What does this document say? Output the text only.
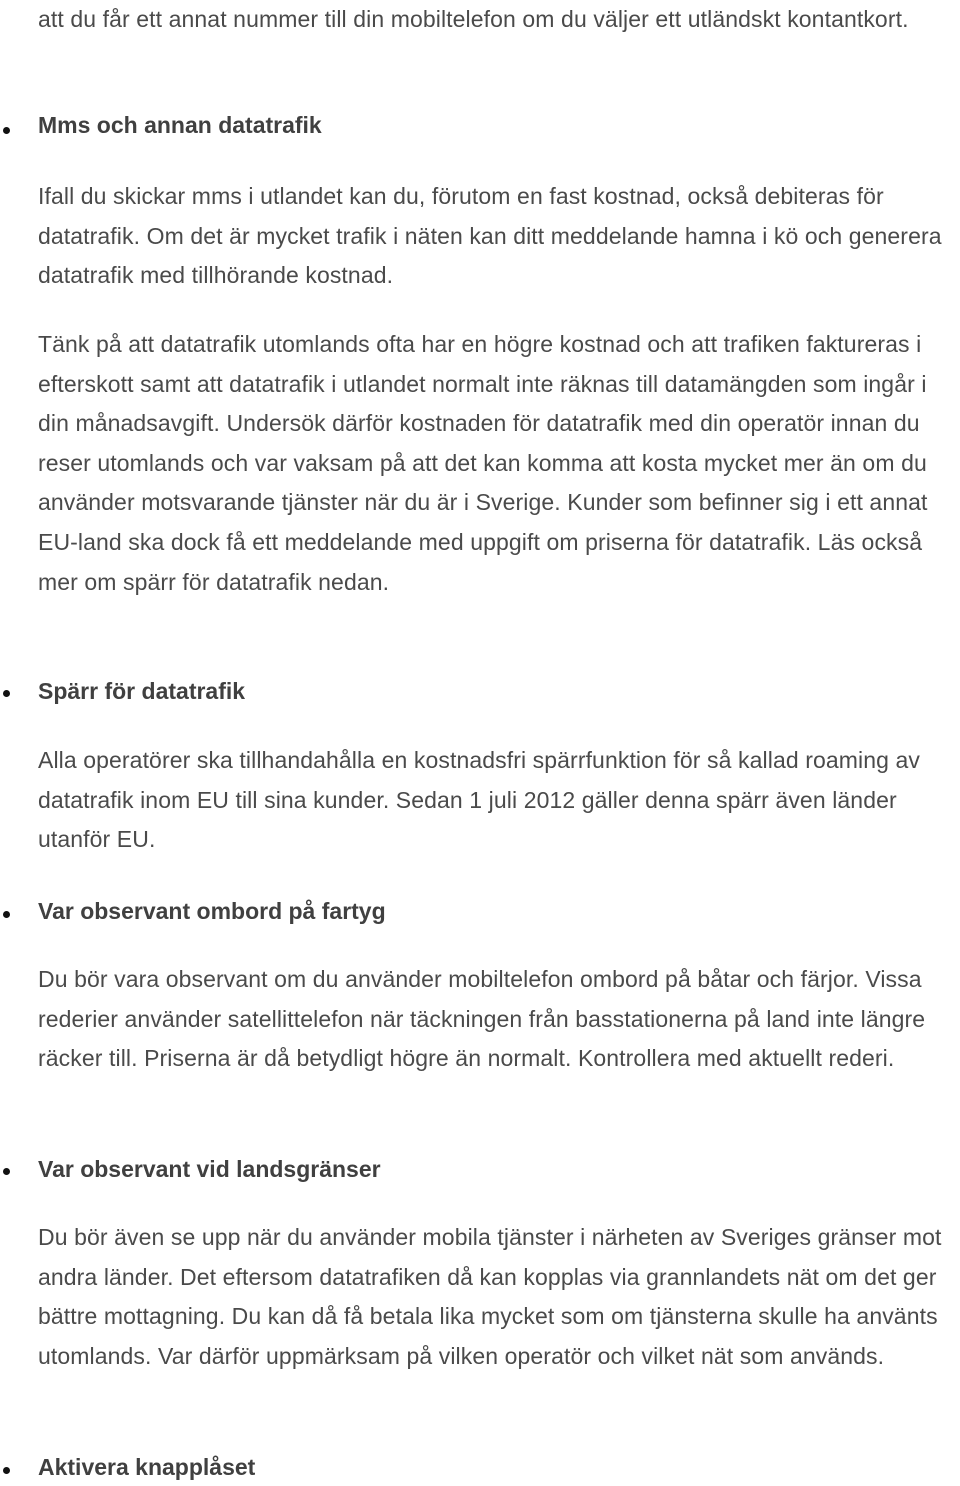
att du får ett annat nummer till din mobiltelefon om du väljer ett utländskt kontantkort.

Mms och annan datatrafik

Ifall du skickar mms i utlandet kan du, förutom en fast kostnad, också debiteras för datatrafik. Om det är mycket trafik i näten kan ditt meddelande hamna i kö och generera datatrafik med tillhörande kostnad.

Tänk på att datatrafik utomlands ofta har en högre kostnad och att trafiken faktureras i efterskott samt att datatrafik i utlandet normalt inte räknas till datamängden som ingår i din månadsavgift. Undersök därför kostnaden för datatrafik med din operatör innan du reser utomlands och var vaksam på att det kan komma att kosta mycket mer än om du använder motsvarande tjänster när du är i Sverige. Kunder som befinner sig i ett annat EU-land ska dock få ett meddelande med uppgift om priserna för datatrafik. Läs också mer om spärr för datatrafik nedan.

Spärr för datatrafik

Alla operatörer ska tillhandahålla en kostnadsfri spärrfunktion för så kallad roaming av datatrafik inom EU till sina kunder. Sedan 1 juli 2012 gäller denna spärr även länder utanför EU.

Var observant ombord på fartyg

Du bör vara observant om du använder mobiltelefon ombord på båtar och färjor. Vissa rederier använder satellittelefon när täckningen från basstationerna på land inte längre räcker till. Priserna är då betydligt högre än normalt. Kontrollera med aktuellt rederi.

Var observant vid landsgränser

Du bör även se upp när du använder mobila tjänster i närheten av Sveriges gränser mot andra länder. Det eftersom datatrafiken då kan kopplas via grannlandets nät om det ger bättre mottagning. Du kan då få betala lika mycket som om tjänsterna skulle ha använts utomlands. Var därför uppmärksam på vilken operatör och vilket nät som används.

Aktivera knapplåset
